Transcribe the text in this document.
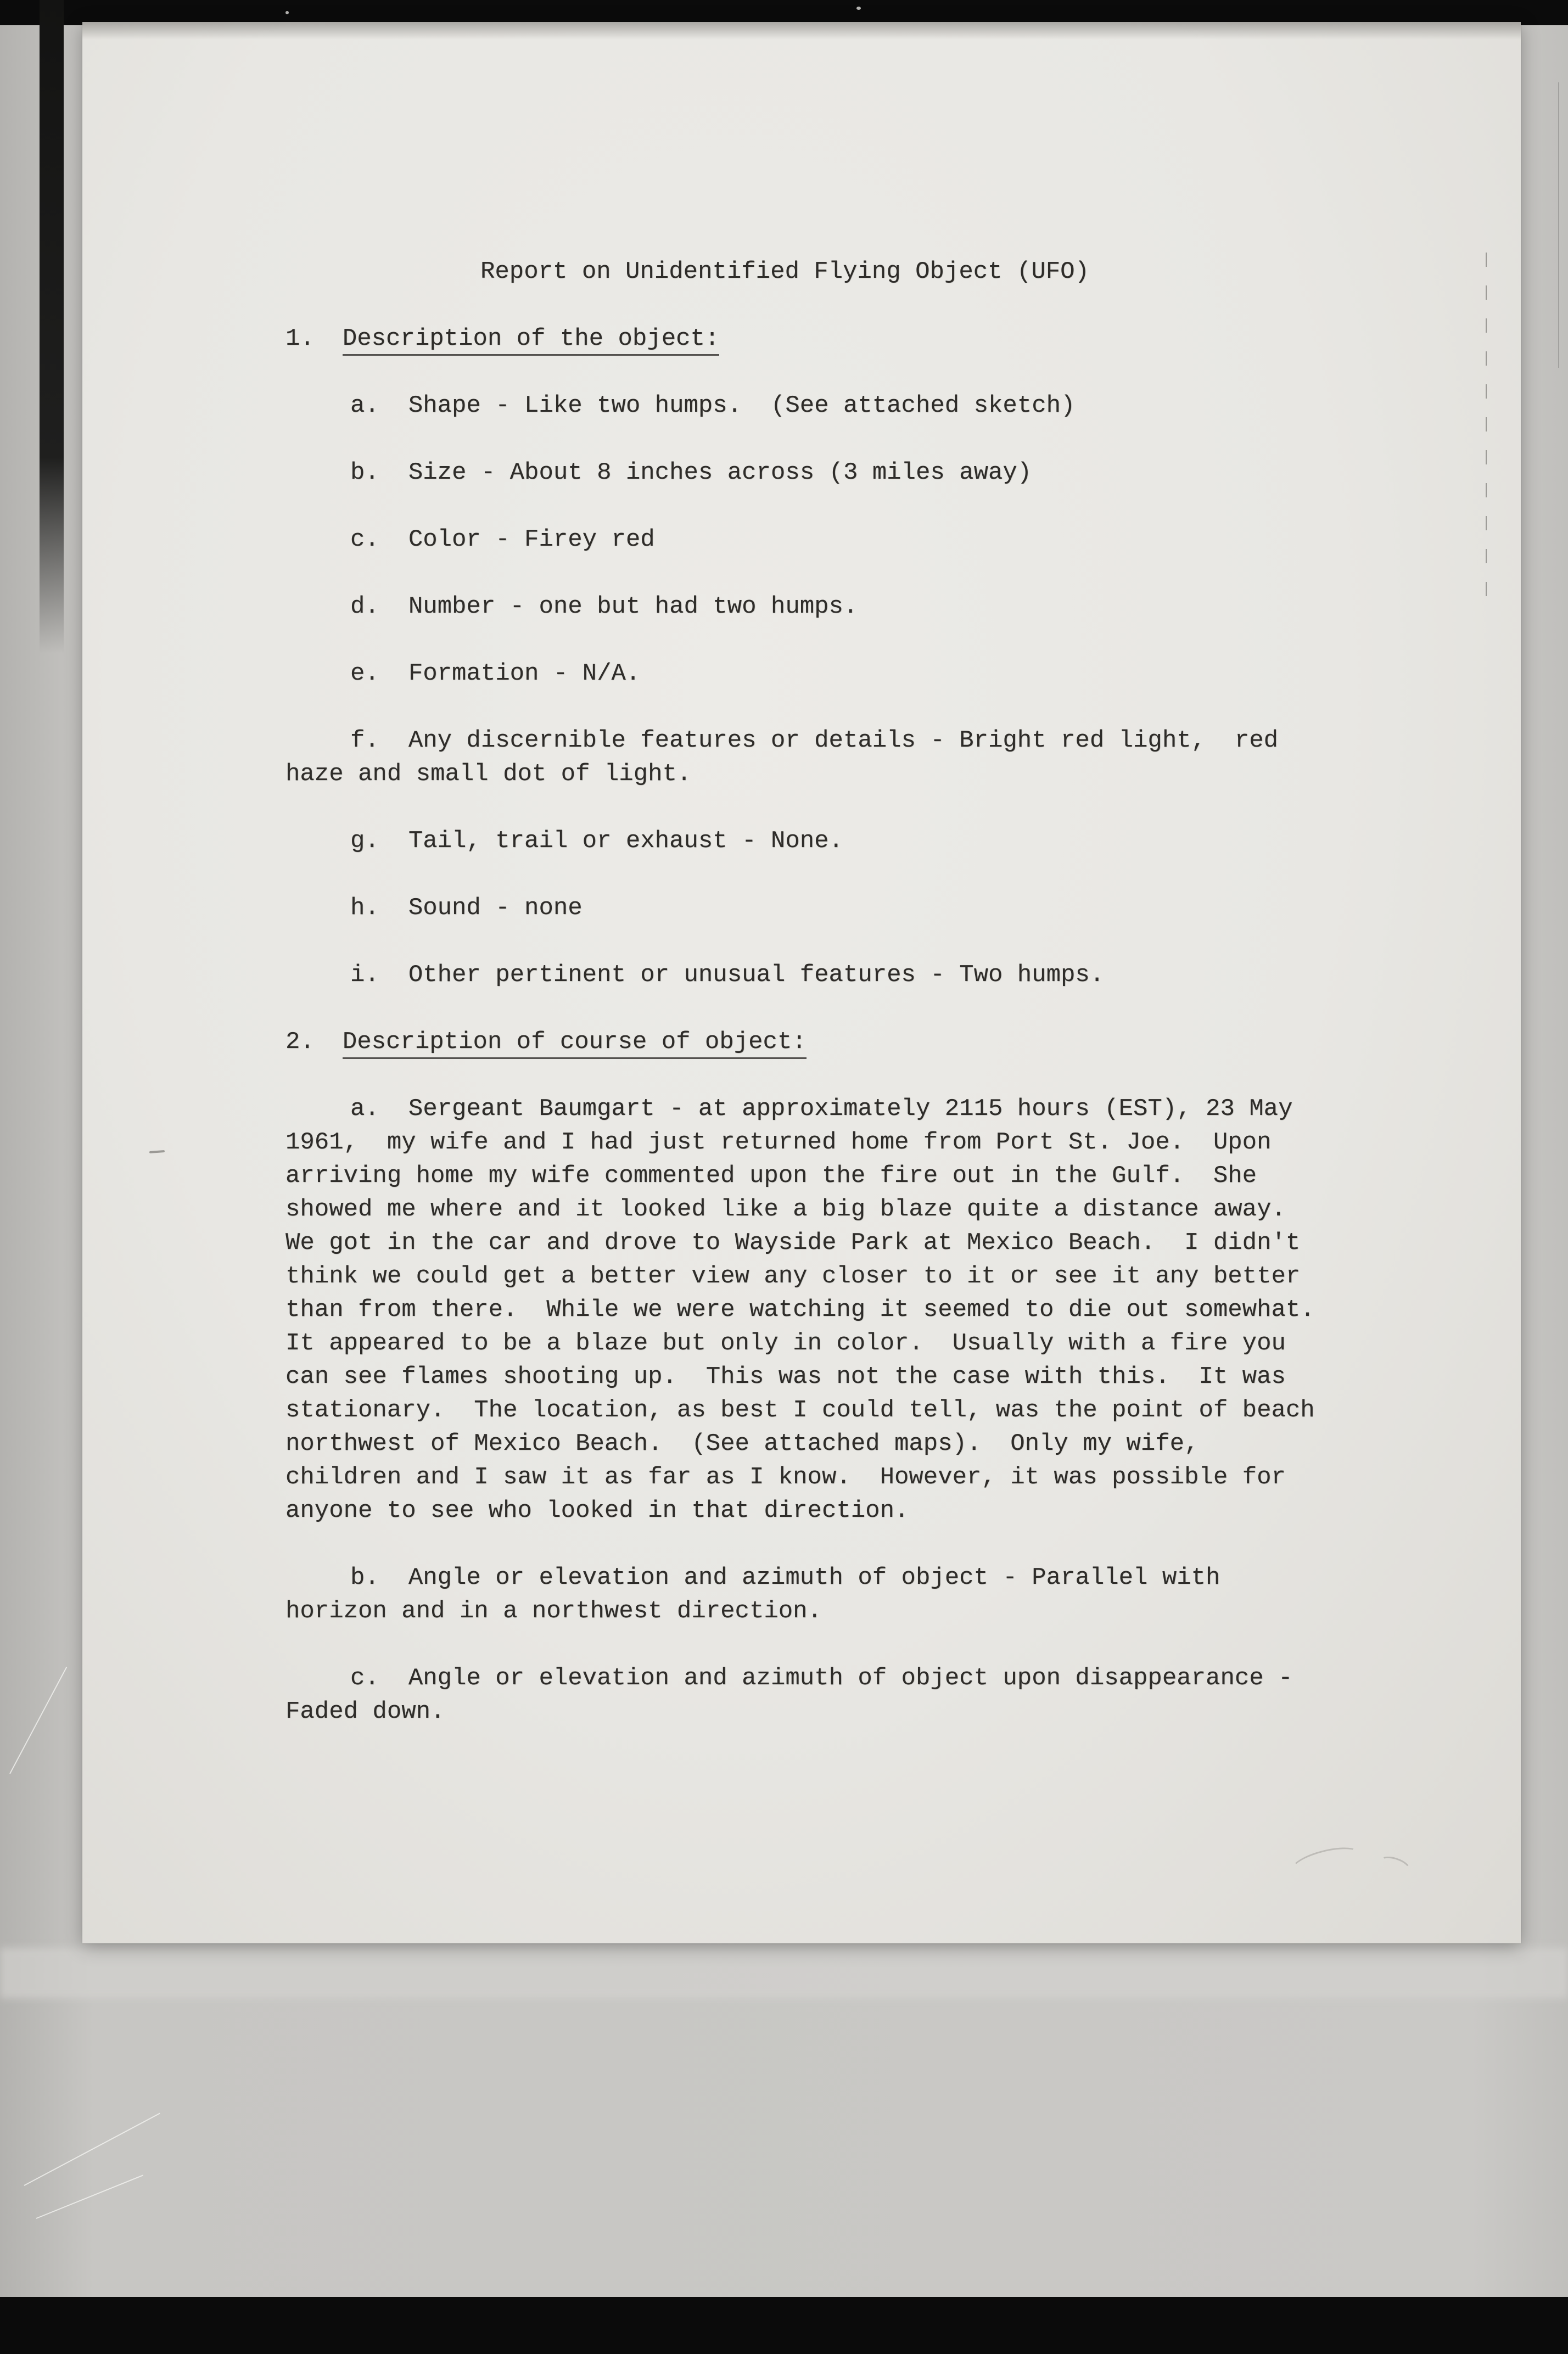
Report on Unidentified Flying Object (UFO)
1. Description of the object:
a. Shape - Like two humps.  (See attached sketch)
b. Size - About 8 inches across (3 miles away)
c. Color - Firey red
d. Number - one but had two humps.
e. Formation - N/A.
f. Any discernible features or details - Bright red light,  red haze and small dot of light.
g. Tail, trail or exhaust - None.
h. Sound - none
i. Other pertinent or unusual features - Two humps.
2. Description of course of object:
a. Sergeant Baumgart - at approximately 2115 hours (EST), 23 May 1961,  my wife and I had just returned home from Port St. Joe.  Upon arriving home my wife commented upon the fire out in the Gulf.  She showed me where and it looked like a big blaze quite a distance away.  We got in the car and drove to Wayside Park at Mexico Beach.  I didn't think we could get a better view any closer to it or see it any better than from there.  While we were watching it seemed to die out somewhat.  It appeared to be a blaze but only in color.  Usually with a fire you can see flames shooting up.  This was not the case with this.  It was stationary.  The location, as best I could tell, was the point of beach northwest of Mexico Beach.  (See attached maps).  Only my wife, children and I saw it as far as I know.  However, it was possible for anyone to see who looked in that direction.
b. Angle or elevation and azimuth of object - Parallel with horizon and in a northwest direction.
c. Angle or elevation and azimuth of object upon disappearance - Faded down.
